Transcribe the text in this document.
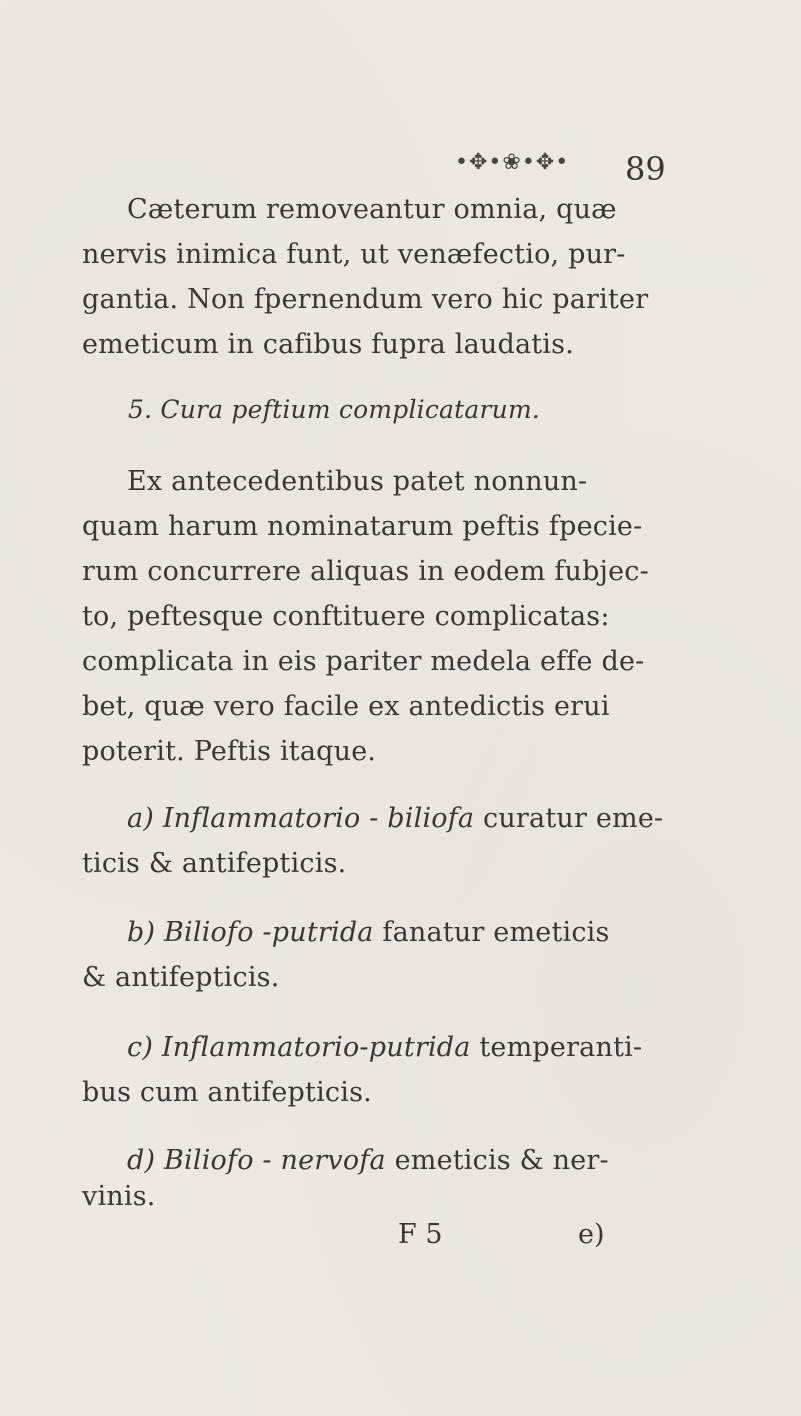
•✥•❀•✥• 89
Cæterum removeantur omnia, quæ
nervis inimica funt, ut venæfectio, pur-
gantia. Non fpernendum vero hic pariter
emeticum in cafibus fupra laudatis.
5. Cura peftium complicatarum.
Ex antecedentibus patet nonnun-
quam harum nominatarum peftis fpecie-
rum concurrere aliquas in eodem fubjec-
to, peftesque conftituere complicatas:
complicata in eis pariter medela effe de-
bet, quæ vero facile ex antedictis erui
poterit. Peftis itaque.
a) Inflammatorio - biliofa curatur eme-
ticis & antifepticis.
b) Biliofo -putrida fanatur emeticis
& antifepticis.
c) Inflammatorio-putrida temperanti-
bus cum antifepticis.
d) Biliofo - nervofa emeticis & ner-
vinis.
F 5	e)
